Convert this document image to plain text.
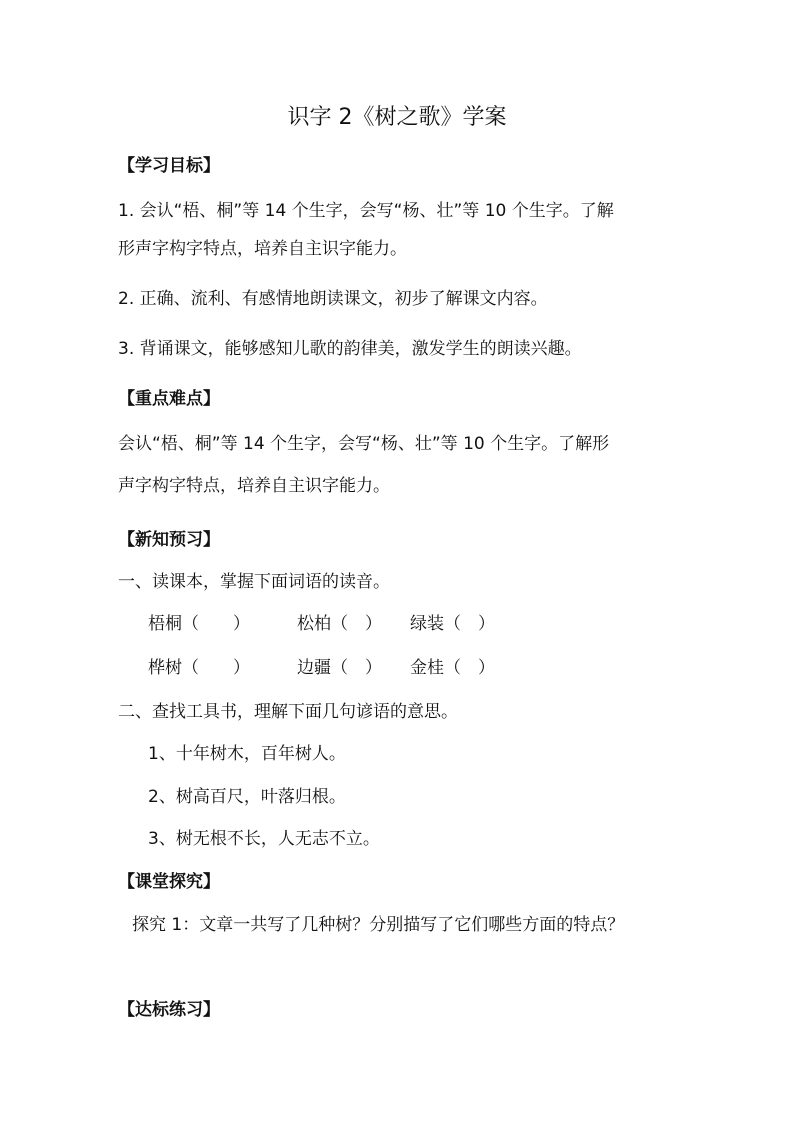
识字 2《树之歌》学案

【学习目标】

1. 会认“梧、桐”等 14 个生字，会写“杨、壮”等 10 个生字。了解

形声字构字特点，培养自主识字能力。

2. 正确、流利、有感情地朗读课文，初步了解课文内容。

3. 背诵课文，能够感知儿歌的韵律美，激发学生的朗读兴趣。

【重点难点】

会认“梧、桐”等 14 个生字，会写“杨、壮”等 10 个生字。了解形

声字构字特点，培养自主识字能力。

【新知预习】

一、读课本，掌握下面词语的读音。

梧桐（　　）	松柏（　） 绿装（　）
桦树（　　）	边疆（　） 金桂（　）

二、查找工具书，理解下面几句谚语的意思。

1、十年树木，百年树人。

2、树高百尺，叶落归根。

3、树无根不长，人无志不立。

【课堂探究】

探究 1：文章一共写了几种树？分别描写了它们哪些方面的特点？

【达标练习】
